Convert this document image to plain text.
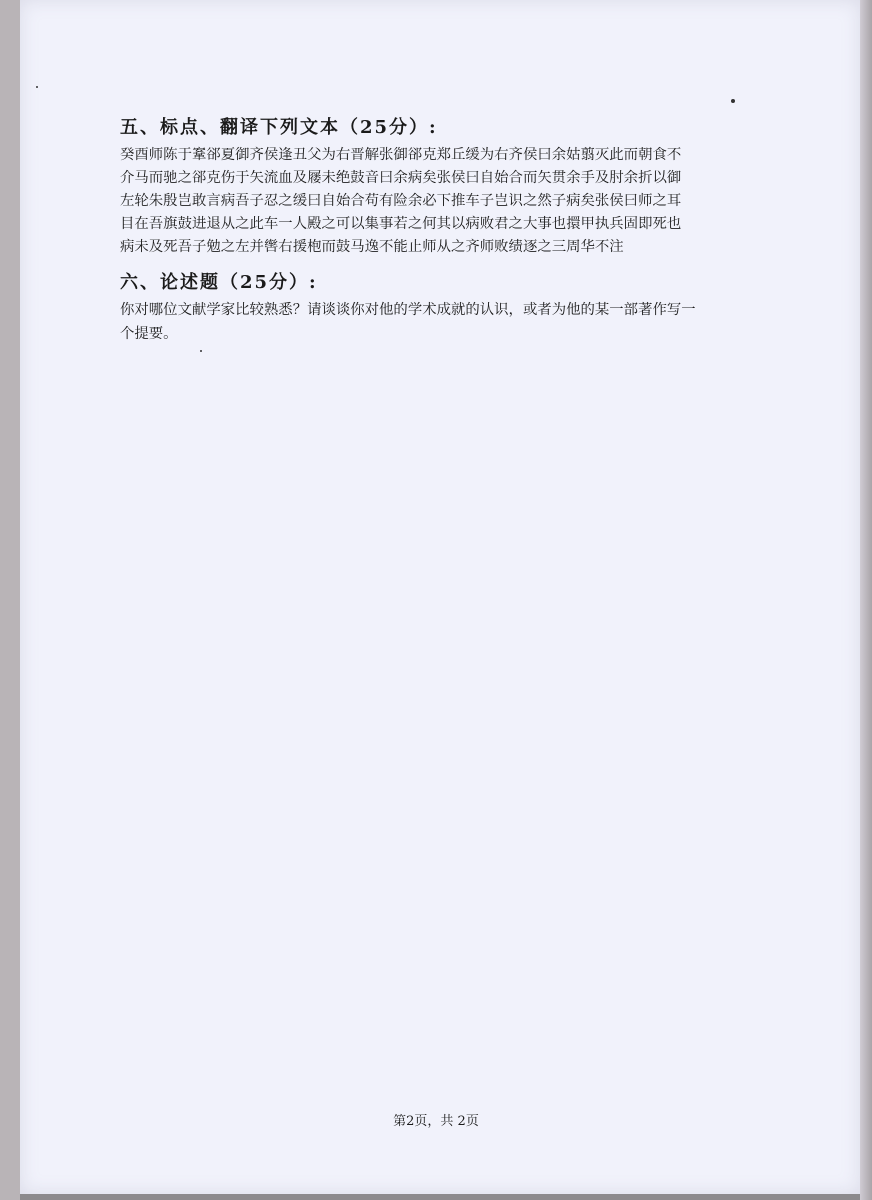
五、标点、翻译下列文本（25分）:
癸酉师陈于鞌郤夏御齐侯逢丑父为右晋解张御郤克郑丘缓为右齐侯曰余姑翦灭此而朝食不
介马而驰之郤克伤于矢流血及屦未绝鼓音曰余病矣张侯曰自始合而矢贯余手及肘余折以御
左轮朱殷岂敢言病吾子忍之缓曰自始合苟有险余必下推车子岂识之然子病矣张侯曰师之耳
目在吾旗鼓进退从之此车一人殿之可以集事若之何其以病败君之大事也擐甲执兵固即死也
病未及死吾子勉之左并辔右援枹而鼓马逸不能止师从之齐师败绩逐之三周华不注
六、论述题（25分）:
你对哪位文献学家比较熟悉？请谈谈你对他的学术成就的认识，或者为他的某一部著作写一
个提要。
第2页，共 2页
